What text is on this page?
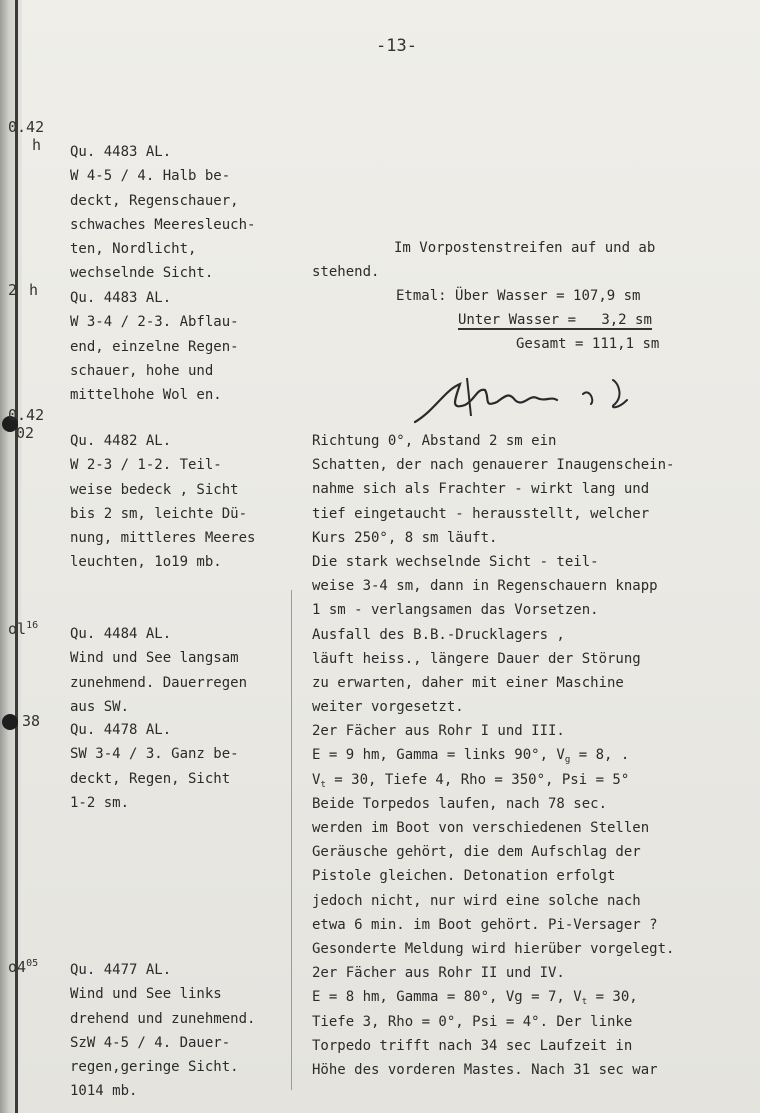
-13-
0.42
h
2 h
0.42
02
$ol^{16}$
38
$o4^{05}$
Qu. 4483 AL.
W 4-5 / 4. Halb be-
deckt, Regenschauer,
schwaches Meeresleuch-
ten, Nordlicht,
wechselnde Sicht.
Qu. 4483 AL.
W 3-4 / 2-3. Abflau-
end, einzelne Regen-
schauer, hohe und
mittelhohe Wol en.
Qu. 4482 AL.
W 2-3 / 1-2. Teil-
weise bedeck , Sicht
bis 2 sm, leichte Dü-
nung, mittleres Meeres
leuchten, 1o19 mb.
Qu. 4484 AL.
Wind und See langsam
zunehmend. Dauerregen
aus SW.
Qu. 4478 AL.
SW 3-4 / 3. Ganz be-
deckt, Regen, Sicht
1-2 sm.
Qu. 4477 AL.
Wind und See links
drehend und zunehmend.
SzW 4-5 / 4. Dauer-
regen,geringe Sicht.
1014 mb.
Im Vorpostenstreifen auf und ab
stehend.
Etmal: Über Wasser = 107,9 sm
Unter Wasser = 3,2 sm
Gesamt = 111,1 sm
Richtung 0°, Abstand 2 sm ein
Schatten, der nach genauerer Inaugenschein-
nahme sich als Frachter - wirkt lang und
tief eingetaucht - herausstellt, welcher
Kurs 250°, 8 sm läuft.
Die stark wechselnde Sicht - teil-
weise 3-4 sm, dann in Regenschauern knapp
1 sm - verlangsamen das Vorsetzen.
Ausfall des B.B.-Drucklagers ,
läuft heiss., längere Dauer der Störung
zu erwarten, daher mit einer Maschine
weiter vorgesetzt.
2er Fächer aus Rohr I und III.
E = 9 hm, Gamma = links 90°, $V_g = 8$, .
$V_t = 30$, Tiefe 4, Rho = 350°, Psi = 5°
Beide Torpedos laufen, nach 78 sec.
werden im Boot von verschiedenen Stellen
Geräusche gehört, die dem Aufschlag der
Pistole gleichen. Detonation erfolgt
jedoch nicht, nur wird eine solche nach
etwa 6 min. im Boot gehört. Pi-Versager ?
Gesonderte Meldung wird hierüber vorgelegt.
2er Fächer aus Rohr II und IV.
E = 8 hm, Gamma = 80°, Vg = 7, $V_t = 30$,
Tiefe 3, Rho = 0°, Psi = 4°. Der linke
Torpedo trifft nach 34 sec Laufzeit in
Höhe des vorderen Mastes. Nach 31 sec war
